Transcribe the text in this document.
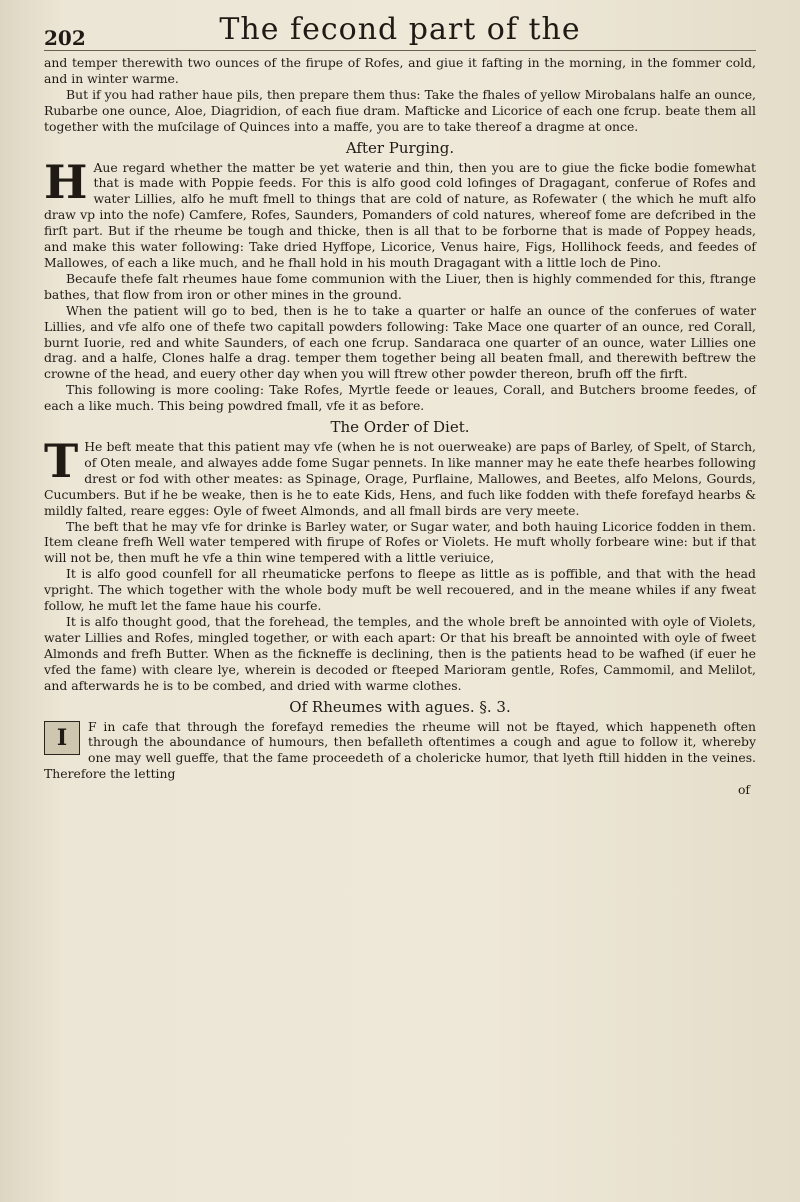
202	The fecond part of the

and temper therewith two ounces of the firupe of Rofes, and giue it fafting in the morning, in the fommer cold, and in winter warme.

But if you had rather haue pils, then prepare them thus: Take the fhales of yellow Mirobalans halfe an ounce, Rubarbe one ounce, Aloe, Diagridion, of each fiue dram. Mafticke and Licorice of each one fcrup. beate them all together with the muſcilage of Quinces into a maffe, you are to take thereof a dragme at once.

After Purging.
H Aue regard whether the matter be yet waterie and thin, then you are to giue the ficke bodie fomewhat that is made with Poppie feeds. For this is alfo good cold lofinges of Dragagant, conferue of Rofes and water Lillies, alfo he muft fmell to things that are cold of nature, as Rofewater ( the which he muft alfo draw vp into the nofe) Camfere, Rofes, Saunders, Pomanders of cold natures, whereof fome are defcribed in the firſt part. But if the rheume be tough and thicke, then is all that to be forborne that is made of Poppey heads, and make this water following: Take dried Hyffope, Licorice, Venus haire, Figs, Hollihock feeds, and feedes of Mallowes, of each a like much, and he fhall hold in his mouth Dragagant with a little loch de Pino.

Becaufe thefe falt rheumes haue fome communion with the Liuer, then is highly commended for this, ftrange bathes, that flow from iron or other mines in the ground.

When the patient will go to bed, then is he to take a quarter or halfe an ounce of the conferues of water Lillies, and vfe alfo one of thefe two capitall powders following: Take Mace one quarter of an ounce, red Corall, burnt Iuorie, red and white Saunders, of each one fcrup. Sandaraca one quarter of an ounce, water Lillies one drag. and a halfe, Clones halfe a drag. temper them together being all beaten fmall, and therewith beftrew the crowne of the head, and euery other day when you will ftrew other powder thereon, brufh off the firft.

This following is more cooling: Take Rofes, Myrtle feede or leaues, Corall, and Butchers broome feedes, of each a like much. This being powdred fmall, vfe it as before.

The Order of Diet.
T He beft meate that this patient may vfe (when he is not ouerweake) are paps of Barley, of Spelt, of Starch, of Oten meale, and alwayes adde fome Sugar pennets. In like manner may he eate thefe hearbes following drest or fod with other meates: as Spinage, Orage, Purflaine, Mallowes, and Beetes, alfo Melons, Gourds, Cucumbers. But if he be weake, then is he to eate Kids, Hens, and fuch like fodden with thefe forefayd hearbs & mildly falted, reare egges: Oyle of fweet Almonds, and all fmall birds are very meete.

The beft that he may vfe for drinke is Barley water, or Sugar water, and both hauing Licorice fodden in them. Item cleane frefh Well water tempered with firupe of Rofes or Violets. He muft wholly forbeare wine: but if that will not be, then muft he vfe a thin wine tempered with a little veriuice,

It is alfo good counfell for all rheumaticke perfons to fleepe as little as is poffible, and that with the head vpright. The which together with the whole body muft be well recouered, and in the meane whiles if any fweat follow, he muft let the fame haue his courfe.

It is alfo thought good, that the forehead, the temples, and the whole breft be annointed with oyle of Violets, water Lillies and Rofes, mingled together, or with each apart: Or that his breaft be annointed with oyle of fweet Almonds and frefh Butter. When as the fickneffe is declining, then is the patients head to be wafhed (if euer he vfed the fame) with cleare lye, wherein is decoded or fteeped Marioram gentle, Rofes, Cammomil, and Melilot, and afterwards he is to be combed, and dried with warme clothes.

Of Rheumes with agues. §. 3.
I	F in cafe that through the forefayd remedies the rheume will not be ftayed, which happeneth often through the aboundance of humours, then befalleth oftentimes a cough and ague to follow it, whereby one may well gueffe, that the fame proceedeth of a cholericke humor, that lyeth ftill hidden in the veines. Therefore the letting

of
